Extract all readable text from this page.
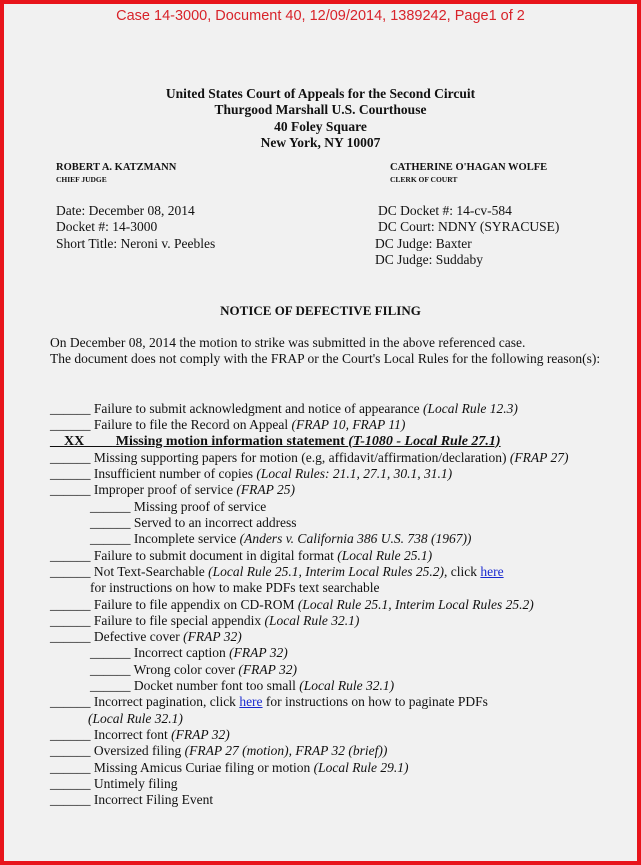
Case 14-3000, Document 40, 12/09/2014, 1389242, Page1 of 2
United States Court of Appeals for the Second Circuit
Thurgood Marshall U.S. Courthouse
40 Foley Square
New York, NY 10007
ROBERT A. KATZMANN
CHIEF JUDGE
CATHERINE O'HAGAN WOLFE
CLERK OF COURT
Date: December 08, 2014
Docket #: 14-3000
Short Title: Neroni v. Peebles
DC Docket #: 14-cv-584
DC Court: NDNY (SYRACUSE)
DC Judge: Baxter
DC Judge: Suddaby
NOTICE OF DEFECTIVE FILING
On December 08, 2014 the motion to strike was submitted in the above referenced case.
The document does not comply with the FRAP or the Court's Local Rules for the following reason(s):
______ Failure to submit acknowledgment and notice of appearance (Local Rule 12.3)
______ Failure to file the Record on Appeal (FRAP 10, FRAP 11)
__XX____ Missing motion information statement (T-1080 - Local Rule 27.1)
______ Missing supporting papers for motion (e.g, affidavit/affirmation/declaration) (FRAP 27)
______ Insufficient number of copies (Local Rules: 21.1, 27.1, 30.1, 31.1)
______ Improper proof of service (FRAP 25)
______ Missing proof of service
______ Served to an incorrect address
______ Incomplete service (Anders v. California 386 U.S. 738 (1967))
______ Failure to submit document in digital format (Local Rule 25.1)
______ Not Text-Searchable (Local Rule 25.1, Interim Local Rules 25.2), click here
for instructions on how to make PDFs text searchable
______ Failure to file appendix on CD-ROM (Local Rule 25.1, Interim Local Rules 25.2)
______ Failure to file special appendix (Local Rule 32.1)
______ Defective cover (FRAP 32)
______ Incorrect caption (FRAP 32)
______ Wrong color cover (FRAP 32)
______ Docket number font too small (Local Rule 32.1)
______ Incorrect pagination, click here for instructions on how to paginate PDFs
(Local Rule 32.1)
______ Incorrect font (FRAP 32)
______ Oversized filing (FRAP 27 (motion), FRAP 32 (brief))
______ Missing Amicus Curiae filing or motion (Local Rule 29.1)
______ Untimely filing
______ Incorrect Filing Event
